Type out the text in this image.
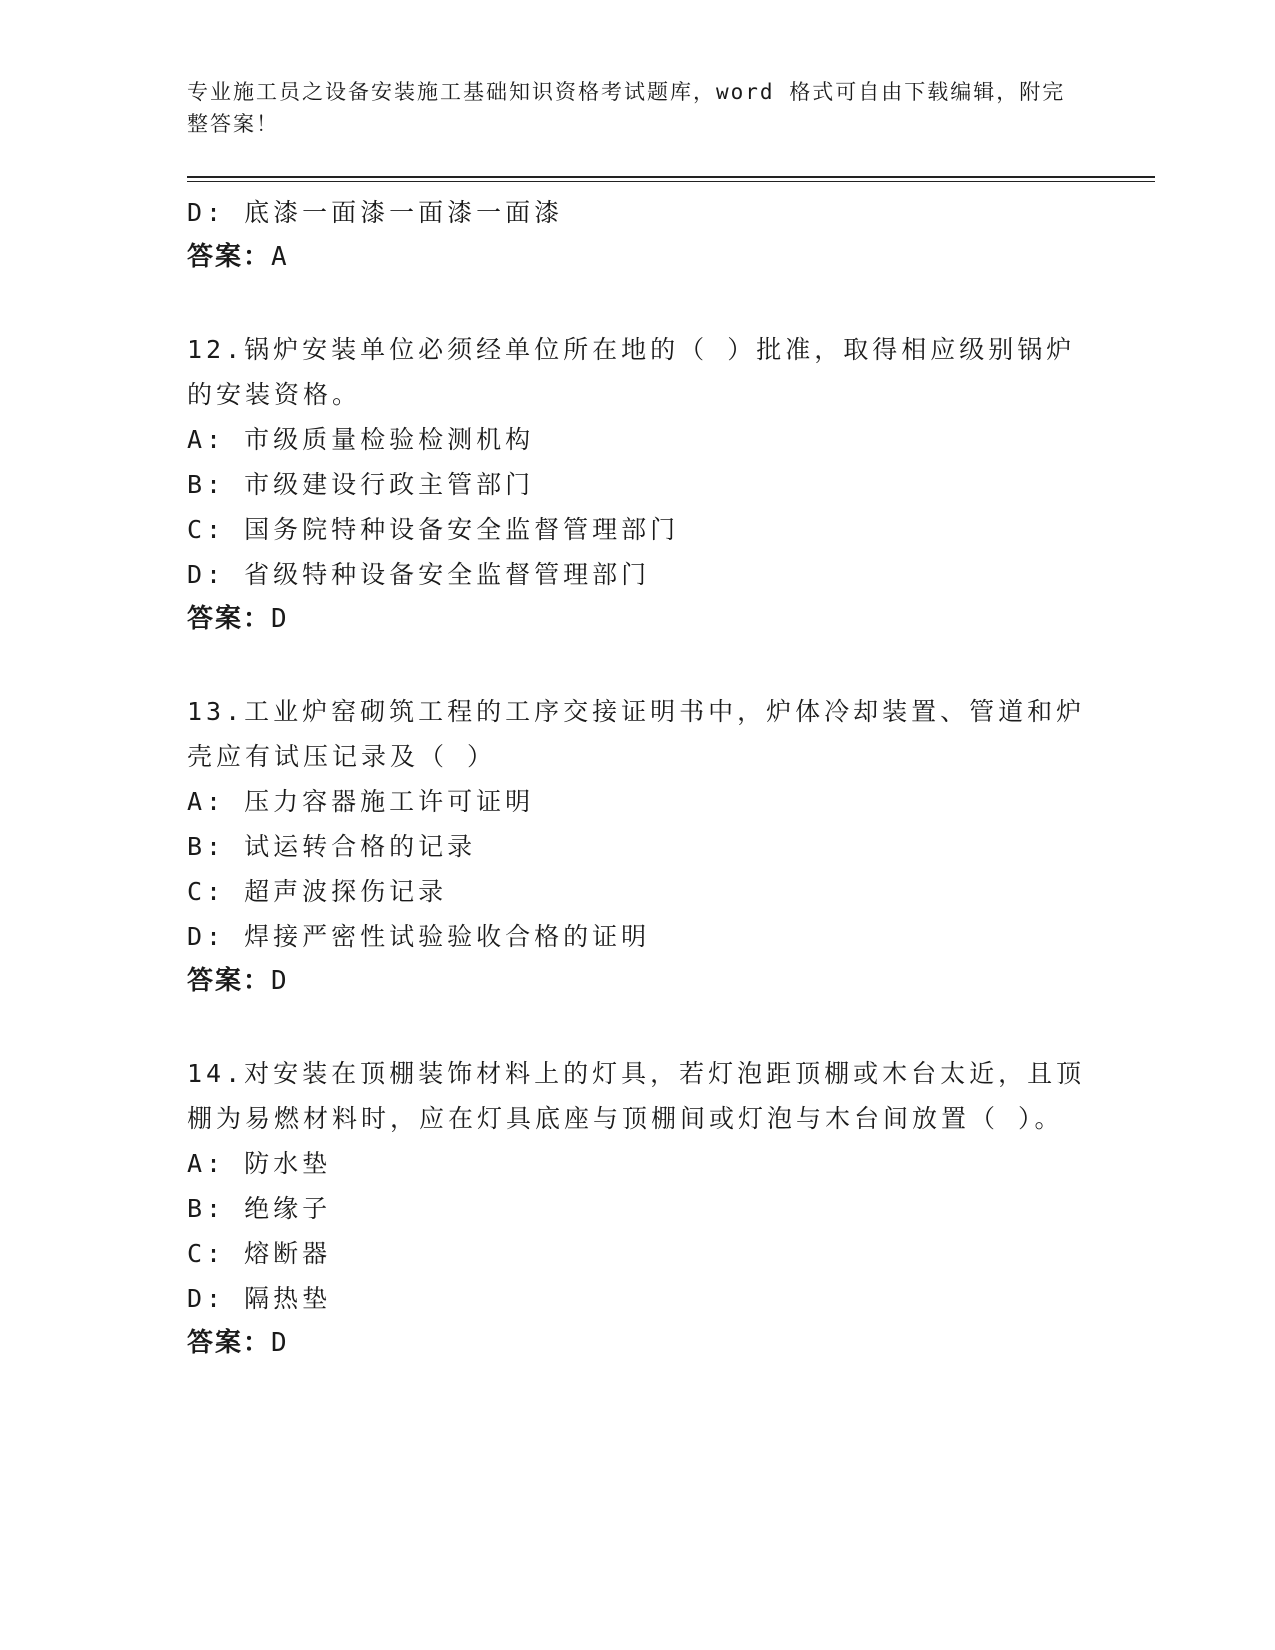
专业施工员之设备安装施工基础知识资格考试题库，word 格式可自由下载编辑，附完整答案！
D: 底漆一面漆一面漆一面漆
答案：A
12.锅炉安装单位必须经单位所在地的（ ）批准，取得相应级别锅炉
的安装资格。
A: 市级质量检验检测机构
B: 市级建设行政主管部门
C: 国务院特种设备安全监督管理部门
D: 省级特种设备安全监督管理部门
答案：D
13.工业炉窑砌筑工程的工序交接证明书中，炉体冷却装置、管道和炉
壳应有试压记录及（ ）
A: 压力容器施工许可证明
B: 试运转合格的记录
C: 超声波探伤记录
D: 焊接严密性试验验收合格的证明
答案：D
14.对安装在顶棚装饰材料上的灯具，若灯泡距顶棚或木台太近，且顶
棚为易燃材料时，应在灯具底座与顶棚间或灯泡与木台间放置（ ）。
A: 防水垫
B: 绝缘子
C: 熔断器
D: 隔热垫
答案：D
